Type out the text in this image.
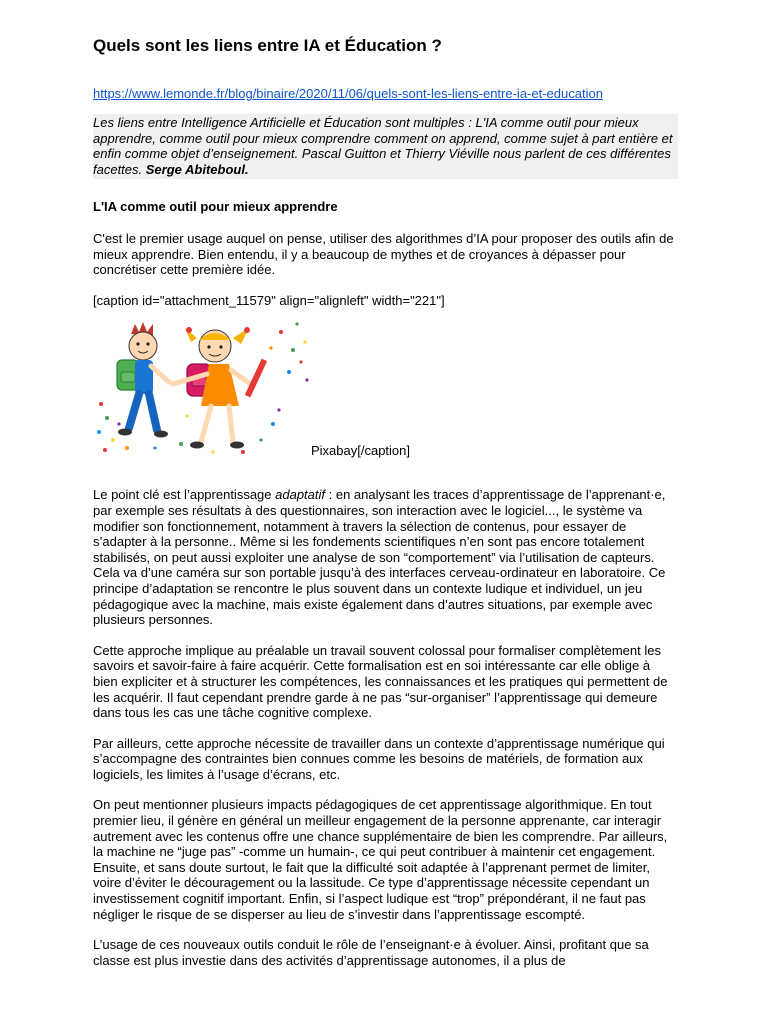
Quels sont les liens entre IA et Éducation ?
https://www.lemonde.fr/blog/binaire/2020/11/06/quels-sont-les-liens-entre-ia-et-education
Les liens entre Intelligence Artificielle et Éducation sont multiples : L'IA comme outil pour mieux apprendre, comme outil pour mieux comprendre comment on apprend, comme sujet à part entière et enfin comme objet d’enseignement. Pascal Guitton et Thierry Viéville nous parlent de ces différentes facettes. Serge Abiteboul.
L'IA comme outil pour mieux apprendre

C'est le premier usage auquel on pense, utiliser des algorithmes d’IA pour proposer des outils afin de mieux apprendre. Bien entendu, il y a beaucoup de mythes et de croyances à dépasser pour concrétiser cette première idée.

[caption id="attachment_11579" align="alignleft" width="221"]

Pixabay[/caption]

Le point clé est l’apprentissage adaptatif : en analysant les traces d’apprentissage de l’apprenant·e, par exemple ses résultats à des questionnaires, son interaction avec le logiciel..., le système va modifier son fonctionnement, notamment à travers la sélection de contenus, pour essayer de s’adapter à la personne.. Même si les fondements scientifiques n’en sont pas encore totalement stabilisés, on peut aussi exploiter une analyse de son “comportement” via l’utilisation de capteurs. Cela va d’une caméra sur son portable jusqu’à des interfaces cerveau-ordinateur en laboratoire. Ce principe d’adaptation se rencontre le plus souvent dans un contexte ludique et individuel, un jeu pédagogique avec la machine, mais existe également dans d’autres situations, par exemple avec plusieurs personnes.

Cette approche implique au préalable un travail souvent colossal pour formaliser complètement les savoirs et savoir-faire à faire acquérir. Cette formalisation est en soi intéressante car elle oblige à bien expliciter et à structurer les compétences, les connaissances et les pratiques qui permettent de les acquérir. Il faut cependant prendre garde à ne pas “sur-organiser” l’apprentissage qui demeure dans tous les cas une tâche cognitive complexe.

Par ailleurs, cette approche nécessite de travailler dans un contexte d’apprentissage numérique qui s’accompagne des contraintes bien connues comme les besoins de matériels, de formation aux logiciels, les limites à l’usage d’écrans, etc.

On peut mentionner plusieurs impacts pédagogiques de cet apprentissage algorithmique. En tout premier lieu, il génère en général un meilleur engagement de la personne apprenante, car interagir autrement avec les contenus offre une chance supplémentaire de bien les comprendre. Par ailleurs, la machine ne “juge pas” -comme un humain-, ce qui peut contribuer à maintenir cet engagement. Ensuite, et sans doute surtout, le fait que la difficulté soit adaptée à l’apprenant permet de limiter, voire d’éviter le découragement ou la lassitude. Ce type d’apprentissage nécessite cependant un investissement cognitif important. Enfin, si l’aspect ludique est “trop” prépondérant, il ne faut pas négliger le risque de se disperser au lieu de s’investir dans l’apprentissage escompté.

L’usage de ces nouveaux outils conduit le rôle de l’enseignant·e à évoluer. Ainsi, profitant que sa classe est plus investie dans des activités d’apprentissage autonomes, il a plus de
